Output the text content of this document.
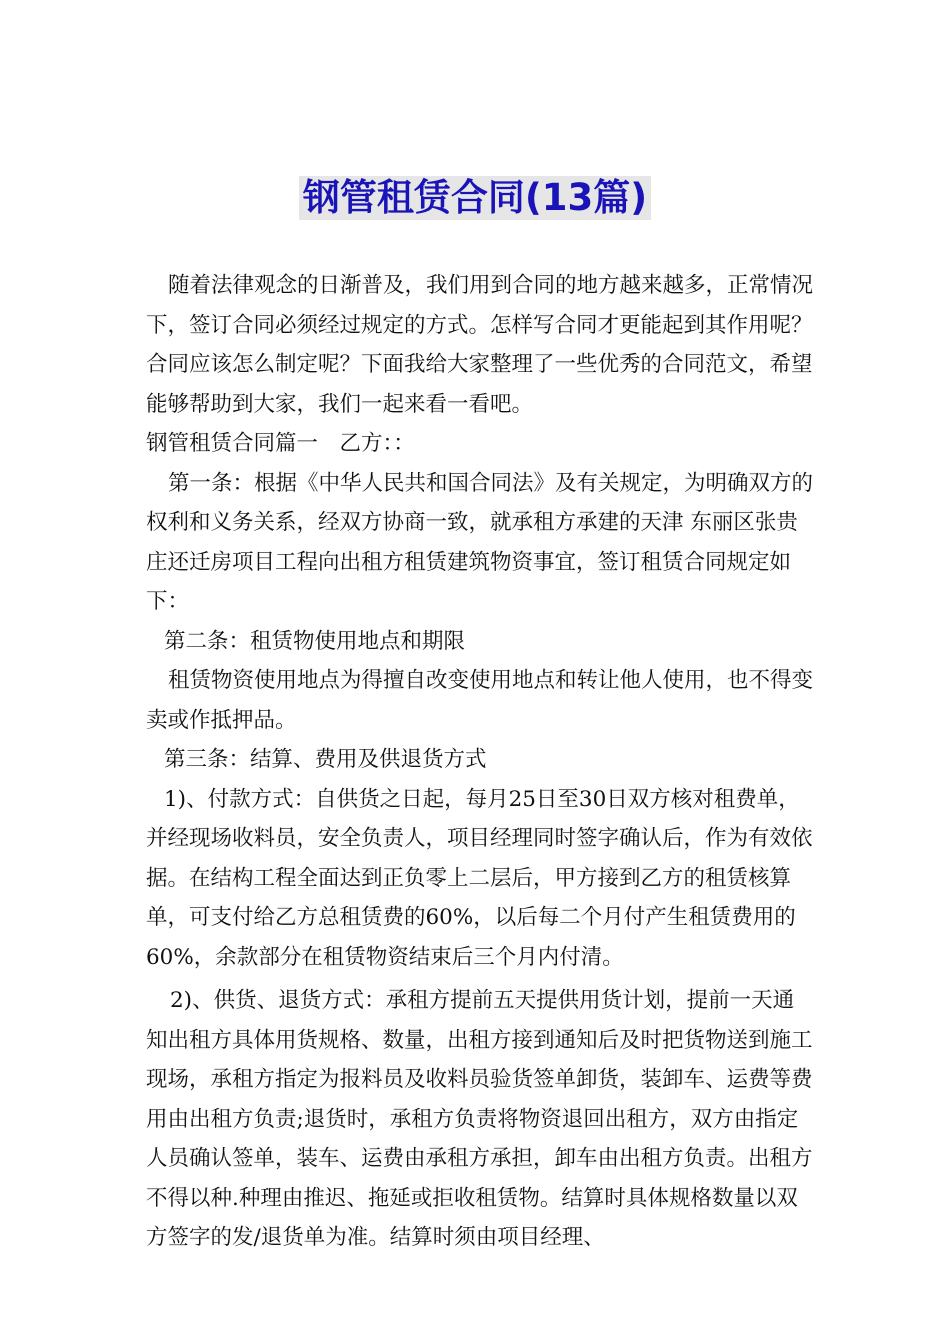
钢管租赁合同(13篇)

随着法律观念的日渐普及，我们用到合同的地方越来越多，正常情况下，签订合同必须经过规定的方式。怎样写合同才更能起到其作用呢？合同应该怎么制定呢？下面我给大家整理了一些优秀的合同范文，希望能够帮助到大家，我们一起来看一看吧。

钢管租赁合同篇一　乙方：：

第一条：根据《中华人民共和国合同法》及有关规定，为明确双方的权利和义务关系，经双方协商一致，就承租方承建的天津 东丽区张贵庄还迁房项目工程向出租方租赁建筑物资事宜，签订租赁合同规定如下：

第二条：租赁物使用地点和期限

租赁物资使用地点为得擅自改变使用地点和转让他人使用，也不得变卖或作抵押品。

第三条：结算、费用及供退货方式

1)、付款方式：自供货之日起，每月25日至30日双方核对租费单，并经现场收料员，安全负责人，项目经理同时签字确认后，作为有效依据。在结构工程全面达到正负零上二层后，甲方接到乙方的租赁核算单，可支付给乙方总租赁费的60%，以后每二个月付产生租赁费用的60%，余款部分在租赁物资结束后三个月内付清。

2)、供货、退货方式：承租方提前五天提供用货计划，提前一天通知出租方具体用货规格、数量，出租方接到通知后及时把货物送到施工现场，承租方指定为报料员及收料员验货签单卸货，装卸车、运费等费用由出租方负责;退货时，承租方负责将物资退回出租方，双方由指定人员确认签单，装车、运费由承租方承担，卸车由出租方负责。出租方不得以种.种理由推迟、拖延或拒收租赁物。结算时具体规格数量以双方签字的发/退货单为准。结算时须由项目经理、
